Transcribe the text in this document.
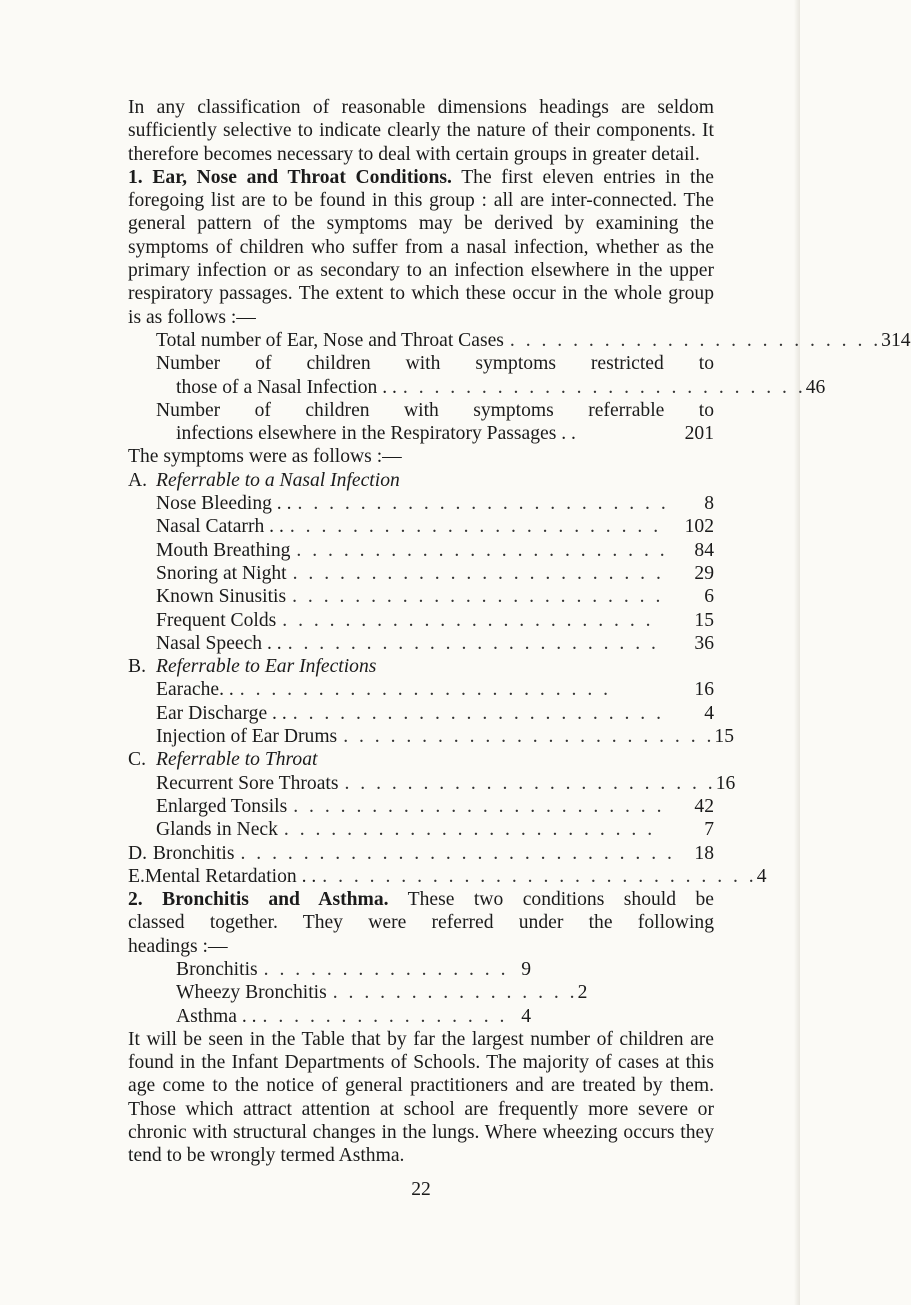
In any classification of reasonable dimensions headings are seldom sufficiently selective to indicate clearly the nature of their components. It therefore becomes necessary to deal with certain groups in greater detail.

1. Ear, Nose and Throat Conditions. The first eleven entries in the foregoing list are to be found in this group : all are inter-connected. The general pattern of the symptoms may be derived by examining the symptoms of children who suffer from a nasal infection, whether as the primary infection or as secondary to an infection elsewhere in the upper respiratory passages. The extent to which these occur in the whole group is as follows :—

Total number of Ear, Nose and Throat Cases . . . . . . . . . . . . . . . . . . . . . . . . 314

Number of children with symptoms restricted to

those of a Nasal Infection . . . . . . . . . . . . . . . . . . . . . . . . . . . . 46

Number of children with symptoms referrable to

infections elsewhere in the Respiratory Passages . .	201

The symptoms were as follows :—

A. Referrable to a Nasal Infection
Nose Bleeding . . . . . . . . . . . . . . . . . . . . . . . . . .	8
Nasal Catarrh . . . . . . . . . . . . . . . . . . . . . . . . . .	102
Mouth Breathing . . . . . . . . . . . . . . . . . . . . . . . .	84
Snoring at Night . . . . . . . . . . . . . . . . . . . . . . . .	29
Known Sinusitis . . . . . . . . . . . . . . . . . . . . . . . .	6
Frequent Colds . . . . . . . . . . . . . . . . . . . . . . . .	15
Nasal Speech . . . . . . . . . . . . . . . . . . . . . . . . . .	36
B. Referrable to Ear Infections
Earache. . . . . . . . . . . . . . . . . . . . . . . . . .	16
Ear Discharge . . . . . . . . . . . . . . . . . . . . . . . . . .	4
Injection of Ear Drums . . . . . . . . . . . . . . . . . . . . . . . . 15
C. Referrable to Throat
Recurrent Sore Throats . . . . . . . . . . . . . . . . . . . . . . . . 16
Enlarged Tonsils . . . . . . . . . . . . . . . . . . . . . . . .	42
Glands in Neck . . . . . . . . . . . . . . . . . . . . . . . .	7
D. Bronchitis . . . . . . . . . . . . . . . . . . . . . . . . . . . . 18
E. Mental Retardation . . . . . . . . . . . . . . . . . . . . . . . . . . . . . . 4

2. Bronchitis and Asthma. These two conditions should be

classed together. They were referred under the following

headings :—

Bronchitis . . . . . . . . . . . . . . . . 9
Wheezy Bronchitis . . . . . . . . . . . . . . . . 2
Asthma . . . . . . . . . . . . . . . . . . 4

It will be seen in the Table that by far the largest number of children are found in the Infant Departments of Schools. The majority of cases at this age come to the notice of general practitioners and are treated by them. Those which attract attention at school are frequently more severe or chronic with structural changes in the lungs. Where wheezing occurs they tend to be wrongly termed Asthma.

22
